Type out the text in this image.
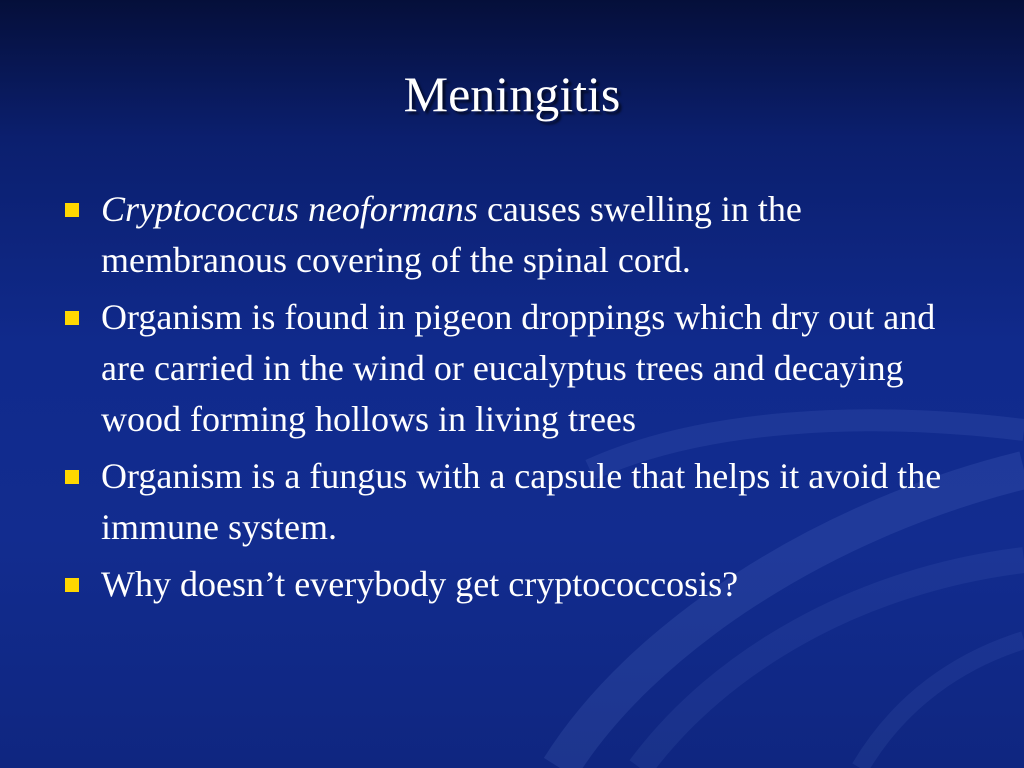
Meningitis
Cryptococcus neoformans causes swelling in the membranous covering of the spinal cord.
Organism is found in pigeon droppings which dry out and are carried in the wind or eucalyptus trees and decaying wood forming hollows in living trees
Organism is a fungus with a capsule that helps it avoid the immune system.
Why doesn’t everybody get cryptococcosis?
